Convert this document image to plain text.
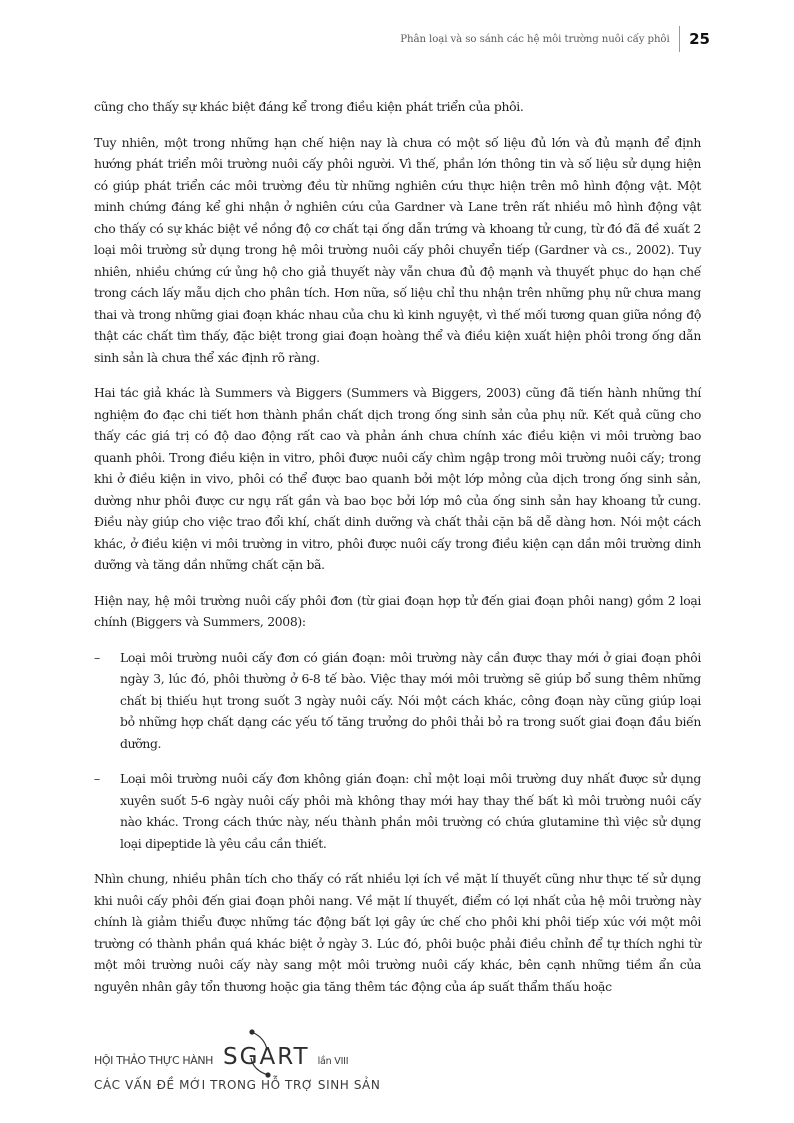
Phân loại và so sánh các hệ môi trường nuôi cấy phôi 25

cũng cho thấy sự khác biệt đáng kể trong điều kiện phát triển của phôi.

Tuy nhiên, một trong những hạn chế hiện nay là chưa có một số liệu đủ lớn và đủ mạnh để định hướng phát triển môi trường nuôi cấy phôi người. Vì thế, phần lớn thông tin và số liệu sử dụng hiện có giúp phát triển các môi trường đều từ những nghiên cứu thực hiện trên mô hình động vật. Một minh chứng đáng kể ghi nhận ở nghiên cứu của Gardner và Lane trên rất nhiều mô hình động vật cho thấy có sự khác biệt về nồng độ cơ chất tại ống dẫn trứng và khoang tử cung, từ đó đã đề xuất 2 loại môi trường sử dụng trong hệ môi trường nuôi cấy phôi chuyển tiếp (Gardner và cs., 2002). Tuy nhiên, nhiều chứng cứ ủng hộ cho giả thuyết này vẫn chưa đủ độ mạnh và thuyết phục do hạn chế trong cách lấy mẫu dịch cho phân tích. Hơn nữa, số liệu chỉ thu nhận trên những phụ nữ chưa mang thai và trong những giai đoạn khác nhau của chu kì kinh nguyệt, vì thế mối tương quan giữa nồng độ thật các chất tìm thấy, đặc biệt trong giai đoạn hoàng thể và điều kiện xuất hiện phôi trong ống dẫn sinh sản là chưa thể xác định rõ ràng.

Hai tác giả khác là Summers và Biggers (Summers và Biggers, 2003) cũng đã tiến hành những thí nghiệm đo đạc chi tiết hơn thành phần chất dịch trong ống sinh sản của phụ nữ. Kết quả cũng cho thấy các giá trị có độ dao động rất cao và phản ánh chưa chính xác điều kiện vi môi trường bao quanh phôi. Trong điều kiện in vitro, phôi được nuôi cấy chìm ngập trong môi trường nuôi cấy; trong khi ở điều kiện in vivo, phôi có thể được bao quanh bởi một lớp mỏng của dịch trong ống sinh sản, dường như phôi được cư ngụ rất gần và bao bọc bởi lớp mô của ống sinh sản hay khoang tử cung. Điều này giúp cho việc trao đổi khí, chất dinh dưỡng và chất thải cặn bã dễ dàng hơn. Nói một cách khác, ở điều kiện vi môi trường in vitro, phôi được nuôi cấy trong điều kiện cạn dần môi trường dinh dưỡng và tăng dần những chất cặn bã.

Hiện nay, hệ môi trường nuôi cấy phôi đơn (từ giai đoạn hợp tử đến giai đoạn phôi nang) gồm 2 loại chính (Biggers và Summers, 2008):

–	Loại môi trường nuôi cấy đơn có gián đoạn: môi trường này cần được thay mới ở giai đoạn phôi ngày 3, lúc đó, phôi thường ở 6-8 tế bào. Việc thay mới môi trường sẽ giúp bổ sung thêm những chất bị thiếu hụt trong suốt 3 ngày nuôi cấy. Nói một cách khác, công đoạn này cũng giúp loại bỏ những hợp chất dạng các yếu tố tăng trưởng do phôi thải bỏ ra trong suốt giai đoạn đầu biến dưỡng.
–	Loại môi trường nuôi cấy đơn không gián đoạn: chỉ một loại môi trường duy nhất được sử dụng xuyên suốt 5-6 ngày nuôi cấy phôi mà không thay mới hay thay thế bất kì môi trường nuôi cấy nào khác. Trong cách thức này, nếu thành phần môi trường có chứa glutamine thì việc sử dụng loại dipeptide là yêu cầu cần thiết.

Nhìn chung, nhiều phân tích cho thấy có rất nhiều lợi ích về mặt lí thuyết cũng như thực tế sử dụng khi nuôi cấy phôi đến giai đoạn phôi nang. Về mặt lí thuyết, điểm có lợi nhất của hệ môi trường này chính là giảm thiểu được những tác động bất lợi gây ức chế cho phôi khi phôi tiếp xúc với một môi trường có thành phần quá khác biệt ở ngày 3. Lúc đó, phôi buộc phải điều chỉnh để tự thích nghi từ một môi trường nuôi cấy này sang một môi trường nuôi cấy khác, bên cạnh những tiềm ẩn của nguyên nhân gây tổn thương hoặc gia tăng thêm tác động của áp suất thẩm thấu hoặc

HỘI THẢO THỰC HÀNH SGART lần VIII
CÁC VẤN ĐỀ MỚI TRONG HỖ TRỢ SINH SẢN
